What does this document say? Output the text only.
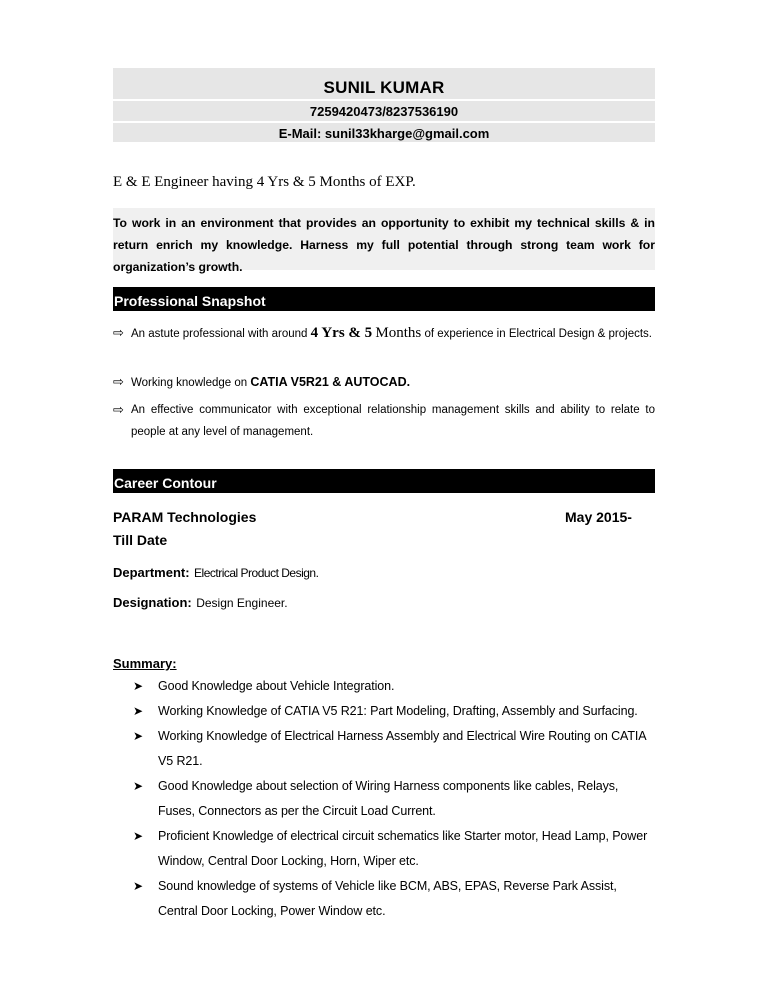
SUNIL KUMAR
7259420473/8237536190
E-Mail: sunil33kharge@gmail.com
E & E Engineer having 4 Yrs & 5 Months of EXP.
To work in an environment that provides an opportunity to exhibit my technical skills & in return enrich my knowledge. Harness my full potential through strong team work for organization’s growth.
Professional Snapshot
⇨ An astute professional with around 4 Yrs & 5 Months of experience in Electrical Design & projects.
⇨ Working knowledge on CATIA V5R21 & AUTOCAD.
⇨ An effective communicator with exceptional relationship management skills and ability to relate to people at any level of management.
Career Contour
PARAM Technologies	May 2015-
Till Date
Department: Electrical Product Design.
Designation: Design Engineer.
Summary:
➤ Good Knowledge about Vehicle Integration.
➤ Working Knowledge of CATIA V5 R21: Part Modeling, Drafting, Assembly and Surfacing.
➤ Working Knowledge of Electrical Harness Assembly and Electrical Wire Routing on CATIA V5 R21.
➤ Good Knowledge about selection of Wiring Harness components like cables, Relays, Fuses, Connectors as per the Circuit Load Current.
➤ Proficient Knowledge of electrical circuit schematics like Starter motor, Head Lamp, Power Window, Central Door Locking, Horn, Wiper etc.
➤ Sound knowledge of systems of Vehicle like BCM, ABS, EPAS, Reverse Park Assist, Central Door Locking, Power Window etc.
